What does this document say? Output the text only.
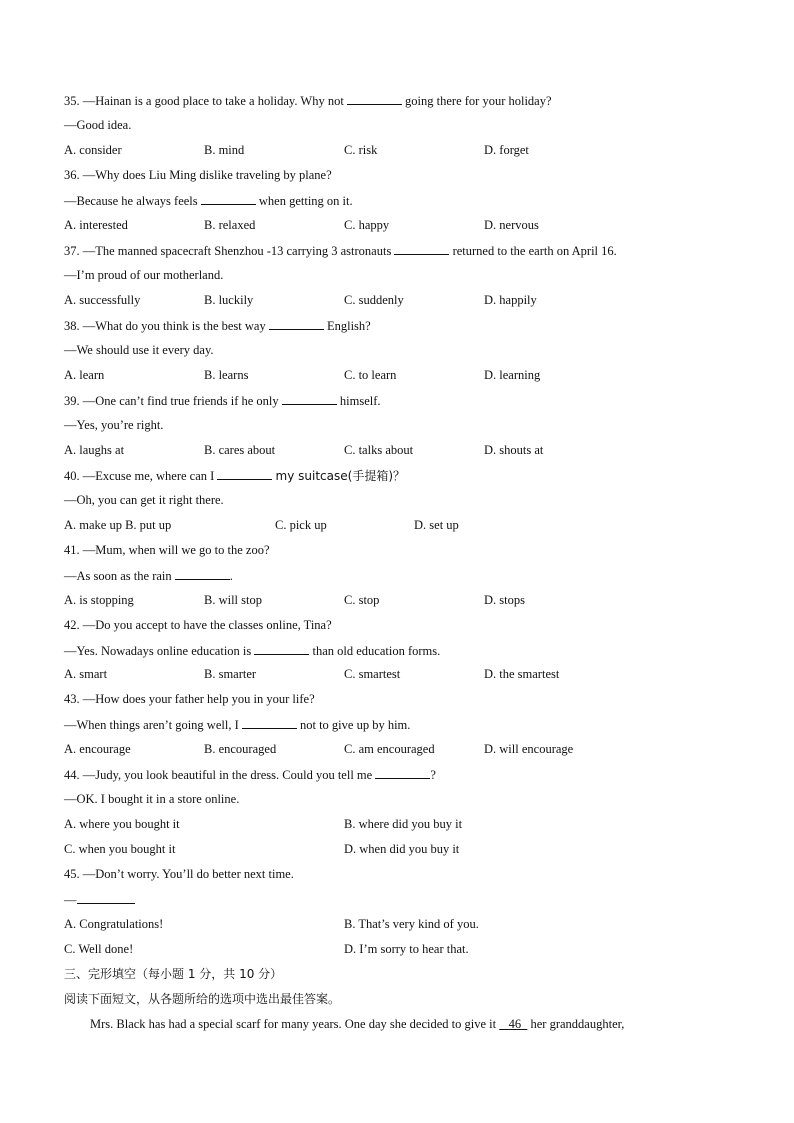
35. —Hainan is a good place to take a holiday. Why not	going there for your holiday?
—Good idea.
A. consider	B. mind	C. risk	D. forget
36. —Why does Liu Ming dislike traveling by plane?
—Because he always feels	when getting on it.
A. interested	B. relaxed	C. happy	D. nervous
37. —The manned spacecraft Shenzhou -13 carrying 3 astronauts	returned to the earth on April 16.
—I’m proud of our motherland.
A. successfully	B. luckily	C. suddenly	D. happily
38. —What do you think is the best way	English?
—We should use it every day.
A. learn	B. learns	C. to learn	D. learning
39. —One can’t find true friends if he only	himself.
—Yes, you’re right.
A. laughs at	B. cares about	C. talks about	D. shouts at
40. —Excuse me, where can I	my suitcase(手提箱)？
—Oh, you can get it right there.
A. make up B. put up	C. pick up	D. set up
41. —Mum, when will we go to the zoo?
—As soon as the rain	.
A. is stopping	B. will stop	C. stop	D. stops
42. —Do you accept to have the classes online, Tina?
—Yes. Nowadays online education is	than old education forms.
A. smart	B. smarter	C. smartest	D. the smartest
43. —How does your father help you in your life?
—When things aren’t going well, I	not to give up by him.
A. encourage	B. encouraged	C. am encouraged	D. will encourage
44. —Judy, you look beautiful in the dress. Could you tell me	?
—OK. I bought it in a store online.
A. where you bought it	B. where did you buy it
C. when you bought it	D. when did you buy it
45. —Don’t worry. You’ll do better next time.
—
A. Congratulations!	B. That’s very kind of you.
C. Well done!	D. I’m sorry to hear that.
三、完形填空（每小题 1 分，共 10 分）
阅读下面短文，从各题所给的选项中选出最佳答案。
Mrs. Black has had a special scarf for many years. One day she decided to give it 46 her granddaughter,
